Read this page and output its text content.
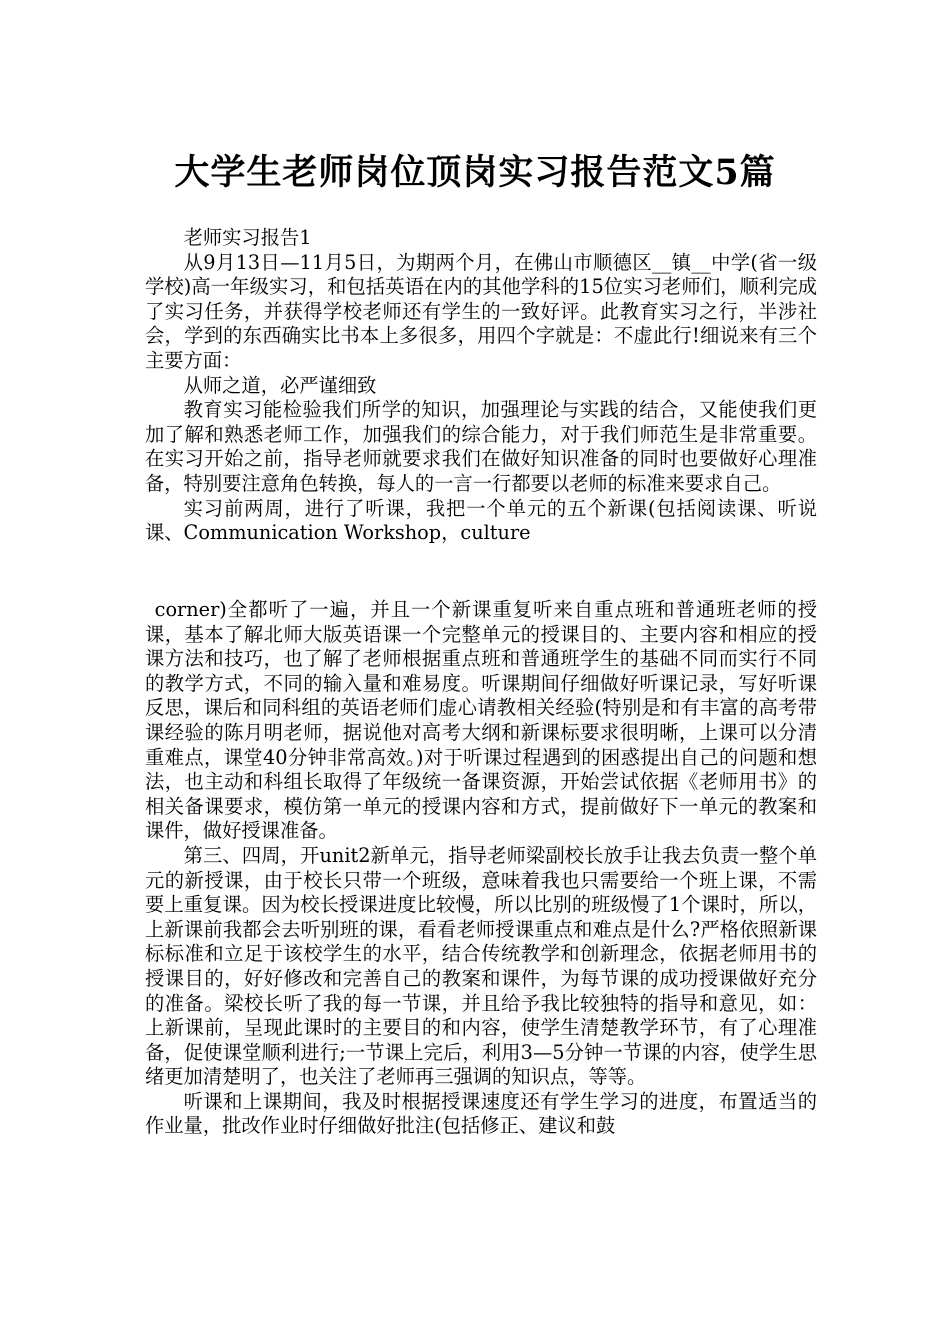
大学生老师岗位顶岗实习报告范文5篇

老师实习报告1

从9月13日—11月5日，为期两个月，在佛山市顺德区__镇__中学(省一级学校)高一年级实习，和包括英语在内的其他学科的15位实习老师们，顺利完成了实习任务，并获得学校老师还有学生的一致好评。此教育实习之行，半涉社会，学到的东西确实比书本上多很多，用四个字就是：不虚此行!细说来有三个主要方面：

从师之道，必严谨细致

教育实习能检验我们所学的知识，加强理论与实践的结合，又能使我们更加了解和熟悉老师工作，加强我们的综合能力，对于我们师范生是非常重要。在实习开始之前，指导老师就要求我们在做好知识准备的同时也要做好心理准备，特别要注意角色转换，每人的一言一行都要以老师的标准来要求自己。

实习前两周，进行了听课，我把一个单元的五个新课(包括阅读课、听说课、Communication Workshop，culture

corner)全都听了一遍，并且一个新课重复听来自重点班和普通班老师的授课，基本了解北师大版英语课一个完整单元的授课目的、主要内容和相应的授课方法和技巧，也了解了老师根据重点班和普通班学生的基础不同而实行不同的教学方式，不同的输入量和难易度。听课期间仔细做好听课记录，写好听课反思，课后和同科组的英语老师们虚心请教相关经验(特别是和有丰富的高考带课经验的陈月明老师，据说他对高考大纲和新课标要求很明晰，上课可以分清重难点，课堂40分钟非常高效。)对于听课过程遇到的困惑提出自己的问题和想法，也主动和科组长取得了年级统一备课资源，开始尝试依据《老师用书》的相关备课要求，模仿第一单元的授课内容和方式，提前做好下一单元的教案和课件，做好授课准备。

第三、四周，开unit2新单元，指导老师梁副校长放手让我去负责一整个单元的新授课，由于校长只带一个班级，意味着我也只需要给一个班上课，不需要上重复课。因为校长授课进度比较慢，所以比别的班级慢了1个课时，所以，上新课前我都会去听别班的课，看看老师授课重点和难点是什么?严格依照新课标标准和立足于该校学生的水平，结合传统教学和创新理念，依据老师用书的授课目的，好好修改和完善自己的教案和课件，为每节课的成功授课做好充分的准备。梁校长听了我的每一节课，并且给予我比较独特的指导和意见，如：上新课前，呈现此课时的主要目的和内容，使学生清楚教学环节，有了心理准备，促使课堂顺利进行;一节课上完后，利用3—5分钟一节课的内容，使学生思绪更加清楚明了，也关注了老师再三强调的知识点，等等。

听课和上课期间，我及时根据授课速度还有学生学习的进度，布置适当的作业量，批改作业时仔细做好批注(包括修正、建议和鼓
